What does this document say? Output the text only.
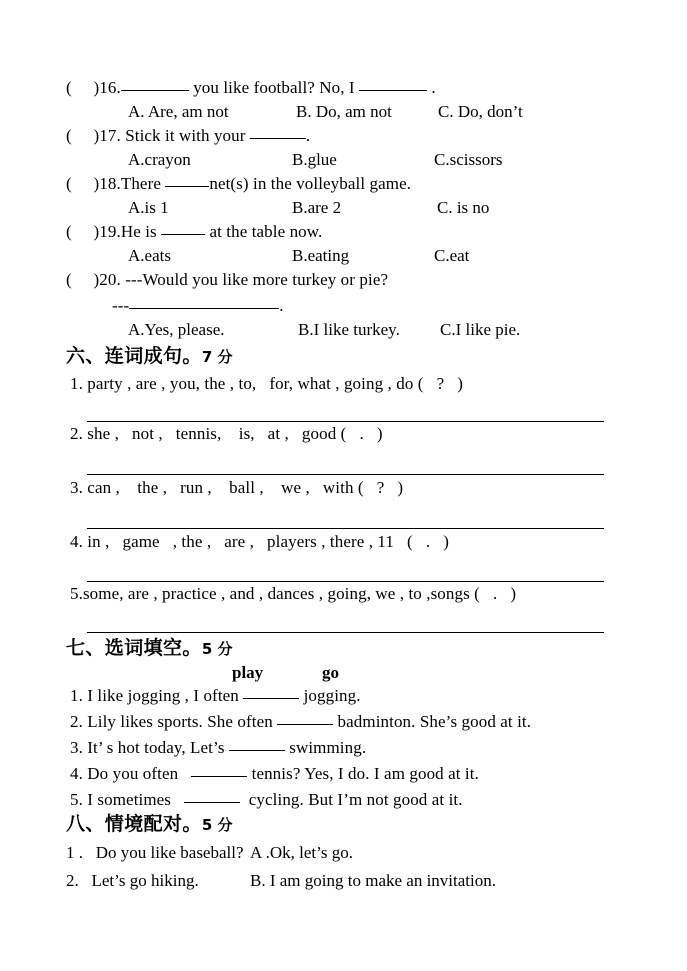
(     )16.	you like football? No, I	.
A. Are, am not	B. Do, am not	C. Do, don’t
(     )17. Stick it with your	.
A.crayon	B.glue	C.scissors
(     )18.There	net(s) in the volleyball game.
A.is 1	B.are 2	C. is no
(     )19.He is	at the table now.
A.eats	B.eating	C.eat
(     )20. ---Would you like more turkey or pie?
---	.
A.Yes, please.	B.I like turkey. C.I like pie.
六、连词成句。7 分
1. party , are , you, the , to,   for, what , going , do (   ?   )
2. she ,   not ,   tennis,    is,   at ,   good (   .   )
3. can ,    the ,   run ,    ball ,    we ,   with (   ?   )
4. in ,   game   , the ,   are ,   players , there , 11   (   .   )
5.some, are , practice , and , dances , going, we , to ,songs (   .   )
七、选词填空。5 分
play	go
1. I like jogging , I often	jogging.
2. Lily likes sports. She often	badminton. She’s good at it.
3. It’ s hot today, Let’s	swimming.
4. Do you often	tennis? Yes, I do. I am good at it.
5. I sometimes	cycling. But I’m not good at it.
八、情境配对。5 分
1 .   Do you like baseball? A .Ok, let’s go.
2.   Let’s go hiking.	B. I am going to make an invitation.
